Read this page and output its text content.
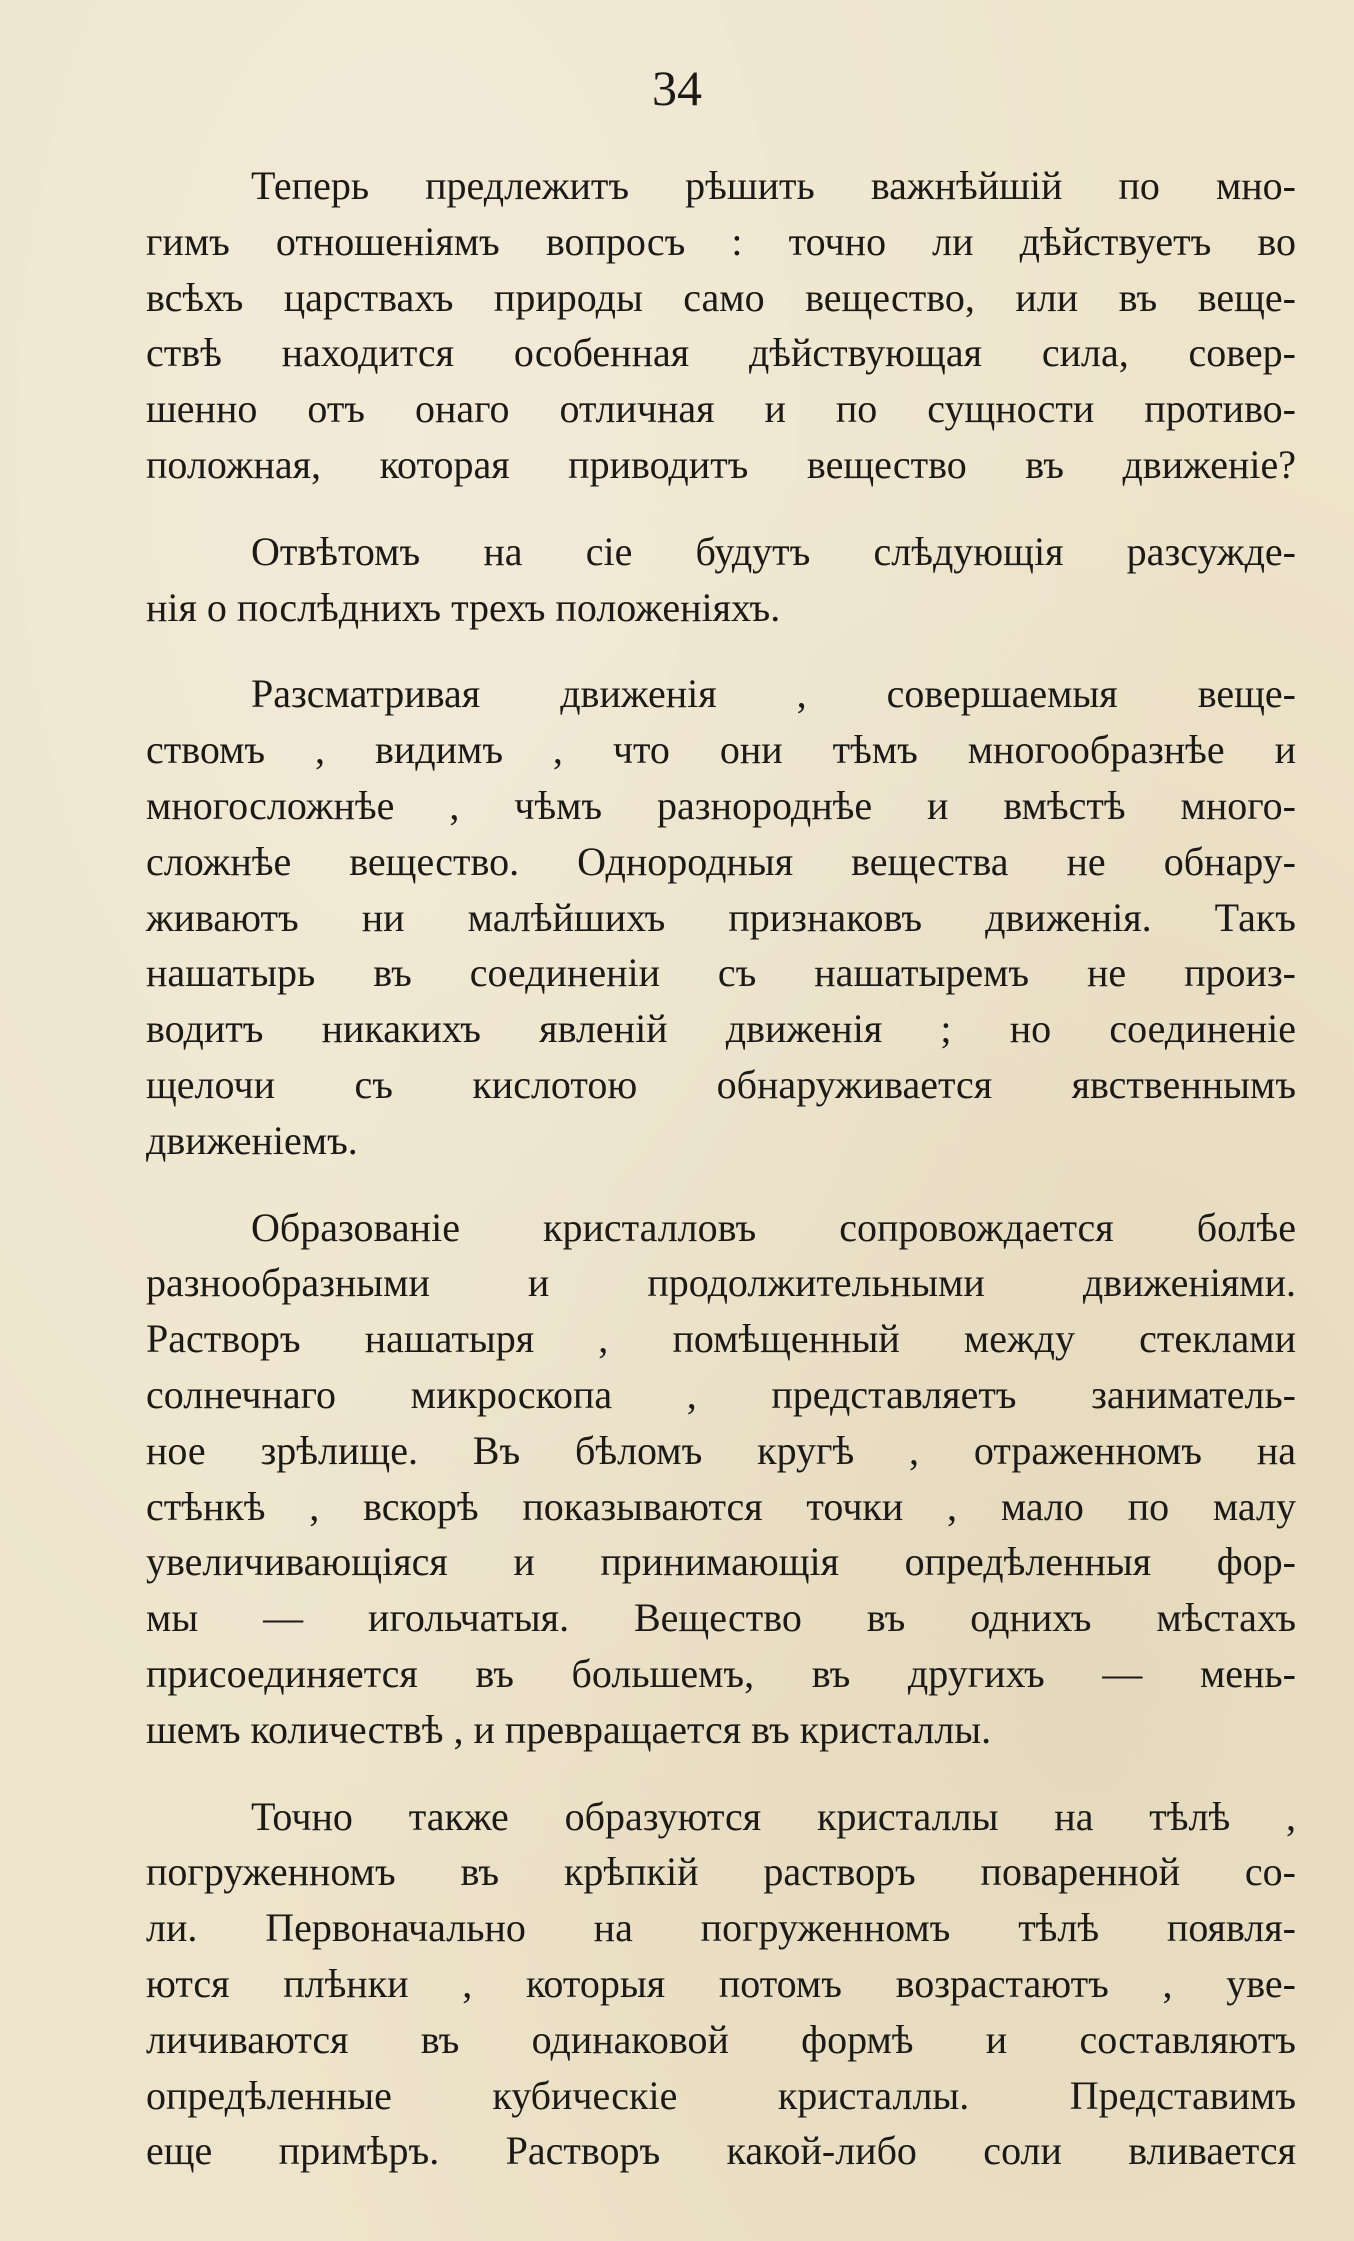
34
Теперь предлежитъ рѣшить важнѣйшій по мно-
гимъ отношеніямъ вопросъ : точно ли дѣйствуетъ во
всѣхъ царствахъ природы само вещество, или въ веще-
ствѣ находится особенная дѣйствующая сила, совер-
шенно отъ онаго отличная и по сущности противо-
положная, которая приводитъ вещество въ движеніе?
Отвѣтомъ на сіе будутъ слѣдующія разсужде-
нія о послѣднихъ трехъ положеніяхъ.
Разсматривая движенія , совершаемыя веще-
ствомъ , видимъ , что они тѣмъ многообразнѣе и
многосложнѣе , чѣмъ разнороднѣе и вмѣстѣ много-
сложнѣе вещество. Однородныя вещества не обнару-
живаютъ ни малѣйшихъ признаковъ движенія. Такъ
нашатырь въ соединеніи съ нашатыремъ не произ-
водитъ никакихъ явленій движенія ; но соединеніе
щелочи съ кислотою обнаруживается явственнымъ
движеніемъ.
Образованіе кристалловъ сопровождается болѣе
разнообразными и продолжительными движеніями.
Растворъ нашатыря , помѣщенный между стеклами
солнечнаго микроскопа , представляетъ заниматель-
ное зрѣлище. Въ бѣломъ кругѣ , отраженномъ на
стѣнкѣ , вскорѣ показываются точки , мало по малу
увеличивающіяся и принимающія опредѣленныя фор-
мы — игольчатыя. Вещество въ однихъ мѣстахъ
присоединяется въ большемъ, въ другихъ — мень-
шемъ количествѣ , и превращается въ кристаллы.
Точно также образуются кристаллы на тѣлѣ ,
погруженномъ въ крѣпкій растворъ поваренной со-
ли. Первоначально на погруженномъ тѣлѣ появля-
ются плѣнки , которыя потомъ возрастаютъ , уве-
личиваются въ одинаковой формѣ и составляютъ
опредѣленные кубическіе кристаллы. Представимъ
еще примѣръ. Растворъ какой-либо соли вливается
